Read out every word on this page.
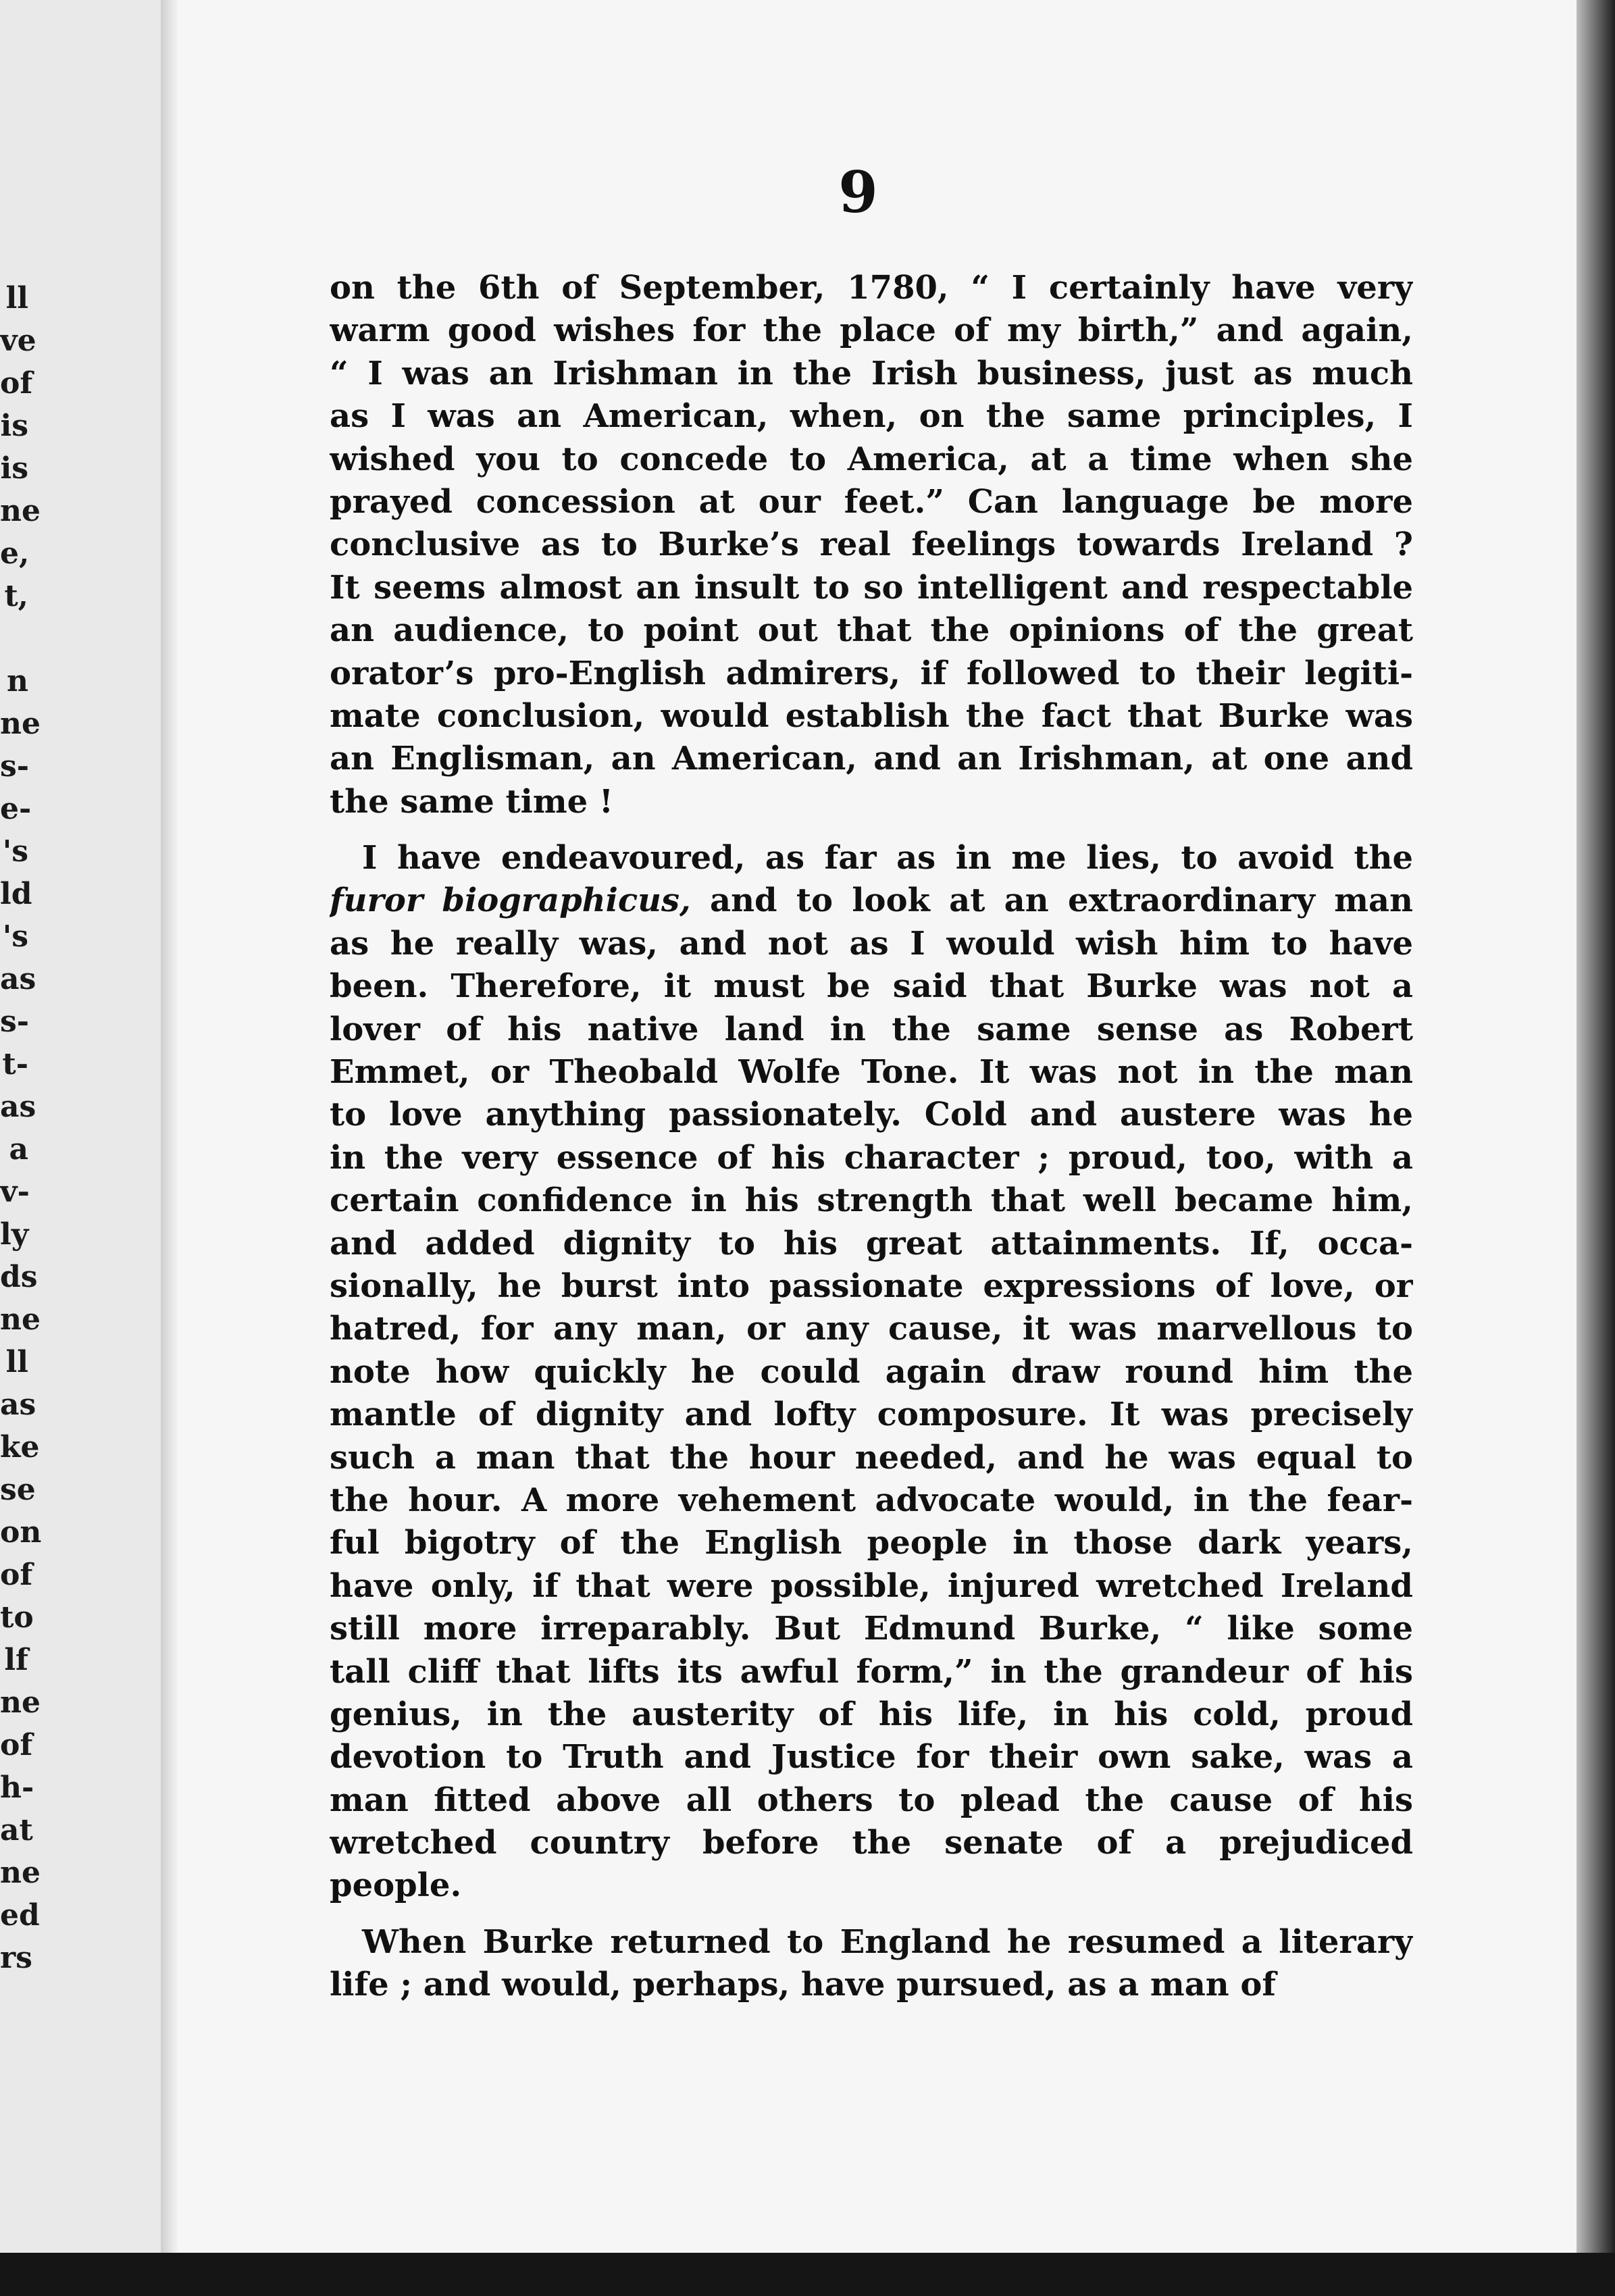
ll
ve
of
is
is
ne
e,
t,
n
ne
s-
e-
's
ld
's
as
s-
t-
as
a
v-
ly
ds
ne
ll
as
ke
se
on
of
to
lf
ne
of
h-
at
ne
ed
rs
9
on the 6th of September, 1780, “ I certainly have very
warm good wishes for the place of my birth,” and again,
“ I was an Irishman in the Irish business, just as much
as I was an American, when, on the same principles, I
wished you to concede to America, at a time when she
prayed concession at our feet.” Can language be more
conclusive as to Burke’s real feelings towards Ireland ?
It seems almost an insult to so intelligent and respectable
an audience, to point out that the opinions of the great
orator’s pro-English admirers, if followed to their legiti-
mate conclusion, would establish the fact that Burke was
an Englisman, an American, and an Irishman, at one and
the same time !
I have endeavoured, as far as in me lies, to avoid the
furor biographicus, and to look at an extraordinary man
as he really was, and not as I would wish him to have
been. Therefore, it must be said that Burke was not a
lover of his native land in the same sense as Robert
Emmet, or Theobald Wolfe Tone. It was not in the man
to love anything passionately. Cold and austere was he
in the very essence of his character ; proud, too, with a
certain confidence in his strength that well became him,
and added dignity to his great attainments. If, occa-
sionally, he burst into passionate expressions of love, or
hatred, for any man, or any cause, it was marvellous to
note how quickly he could again draw round him the
mantle of dignity and lofty composure. It was precisely
such a man that the hour needed, and he was equal to
the hour. A more vehement advocate would, in the fear-
ful bigotry of the English people in those dark years,
have only, if that were possible, injured wretched Ireland
still more irreparably. But Edmund Burke, “ like some
tall cliff that lifts its awful form,” in the grandeur of his
genius, in the austerity of his life, in his cold, proud
devotion to Truth and Justice for their own sake, was a
man fitted above all others to plead the cause of his
wretched country before the senate of a prejudiced
people.
When Burke returned to England he resumed a literary
life ; and would, perhaps, have pursued, as a man of
